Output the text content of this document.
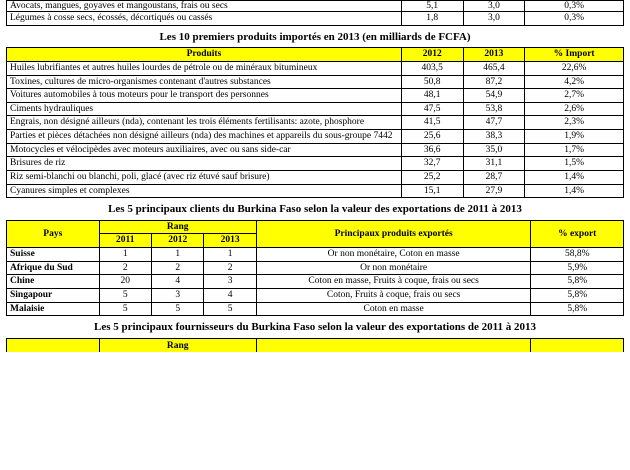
Avocats, mangues, goyaves et mangoustans, frais ou secs	5,1	3,0	0,3%
Légumes à cosse secs, écossés, décortiqués ou cassés	1,8	3,0	0,3%
Les 10 premiers produits importés en 2013 (en milliards de FCFA)
Produits	2012	2013	% Import
Huiles lubrifiantes et autres huiles lourdes de pétrole ou de minéraux bitumineux	403,5	465,4	22,6%
Toxines, cultures de micro-organismes contenant d'autres substances	50,8	87,2	4,2%
Voitures automobiles à tous moteurs pour le transport des personnes	48,1	54,9	2,7%
Ciments hydrauliques	47,5	53,8	2,6%
Engrais, non désigné ailleurs (nda), contenant les trois éléments fertilisants: azote, phosphore	41,5	47,7	2,3%
Parties et pièces détachées non désigné ailleurs (nda) des machines et appareils du sous-groupe 7442	25,6	38,3	1,9%
Motocycles et vélocipèdes avec moteurs auxiliaires, avec ou sans side-car	36,6	35,0	1,7%
Brisures de riz	32,7	31,1	1,5%
Riz semi-blanchi ou blanchi, poli, glacé (avec riz étuvé sauf brisure)	25,2	28,7	1,4%
Cyanures simples et complexes	15,1	27,9	1,4%
Les 5 principaux clients du Burkina Faso selon la valeur des exportations de 2011 à 2013
Pays	Rang			Principaux produits exportés	% export
	2011	2012	2013		
Suisse	1	1	1	Or non monétaire, Coton en masse	58,8%
Afrique du Sud	2	2	2	Or non monétaire	5,9%
Chine	20	4	3	Coton en masse, Fruits à coque, frais ou secs	5,8%
Singapour	5	3	4	Coton, Fruits à coque, frais ou secs	5,8%
Malaisie	5	5	5	Coton en masse	5,8%
Les 5 principaux fournisseurs du Burkina Faso selon la valeur des exportations de 2011 à 2013
	Rang		
